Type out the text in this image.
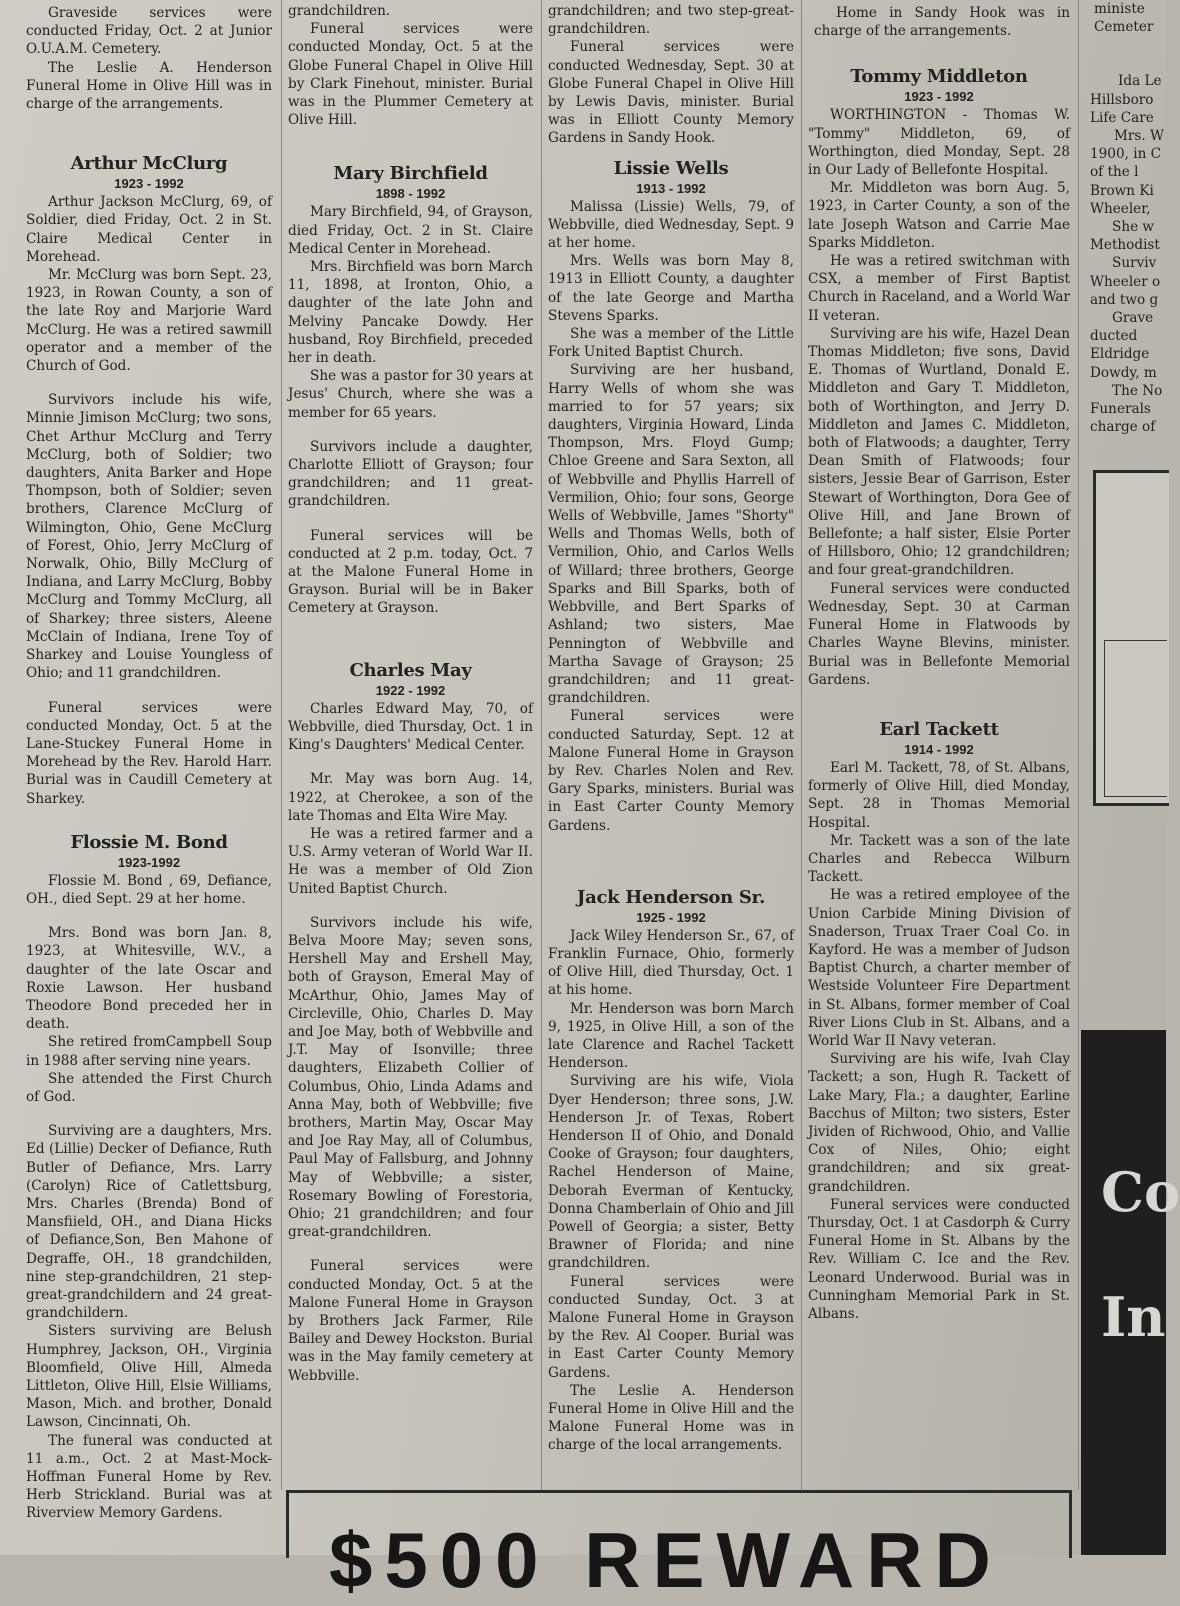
Graveside services were conducted Friday, Oct. 2 at Junior O.U.A.M. Cemetery.

The Leslie A. Henderson Funeral Home in Olive Hill was in charge of the arrangements.

Arthur McClurg
1923 - 1992

Arthur Jackson McClurg, 69, of Soldier, died Friday, Oct. 2 in St. Claire Medical Center in Morehead.

Mr. McClurg was born Sept. 23, 1923, in Rowan County, a son of the late Roy and Marjorie Ward McClurg. He was a retired sawmill operator and a member of the Church of God.

Survivors include his wife, Minnie Jimison McClurg; two sons, Chet Arthur McClurg and Terry McClurg, both of Soldier; two daughters, Anita Barker and Hope Thompson, both of Soldier; seven brothers, Clarence McClurg of Wilmington, Ohio, Gene McClurg of Forest, Ohio, Jerry McClurg of Norwalk, Ohio, Billy McClurg of Indiana, and Larry McClurg, Bobby McClurg and Tommy McClurg, all of Sharkey; three sisters, Aleene McClain of Indiana, Irene Toy of Sharkey and Louise Youngless of Ohio; and 11 grandchildren.

Funeral services were conducted Monday, Oct. 5 at the Lane-Stuckey Funeral Home in Morehead by the Rev. Harold Harr. Burial was in Caudill Cemetery at Sharkey.

Flossie M. Bond
1923-1992

Flossie M. Bond , 69, Defiance, OH., died Sept. 29 at her home.

Mrs. Bond was born Jan. 8, 1923, at Whitesville, W.V., a daughter of the late Oscar and Roxie Lawson. Her husband Theodore Bond preceded her in death.

She retired fromCampbell Soup in 1988 after serving nine years.

She attended the First Church of God.

Surviving are a daughters, Mrs. Ed (Lillie) Decker of Defiance, Ruth Butler of Defiance, Mrs. Larry (Carolyn) Rice of Catlettsburg, Mrs. Charles (Brenda) Bond of Mansfiield, OH., and Diana Hicks of Defiance,Son, Ben Mahone of Degraffe, OH., 18 grandchilden, nine step-grandchildren, 21 step-great-grandchildern and 24 great-grandchildern.

Sisters surviving are Belush Humphrey, Jackson, OH., Virginia Bloomfield, Olive Hill, Almeda Littleton, Olive Hill, Elsie Williams, Mason, Mich. and brother, Donald Lawson, Cincinnati, Oh.

The funeral was conducted at 11 a.m., Oct. 2 at Mast-Mock-Hoffman Funeral Home by Rev. Herb Strickland. Burial was at Riverview Memory Gardens.

grandchildren.

Funeral services were conducted Monday, Oct. 5 at the Globe Funeral Chapel in Olive Hill by Clark Finehout, minister. Burial was in the Plummer Cemetery at Olive Hill.

Mary Birchfield
1898 - 1992

Mary Birchfield, 94, of Grayson, died Friday, Oct. 2 in St. Claire Medical Center in Morehead.

Mrs. Birchfield was born March 11, 1898, at Ironton, Ohio, a daughter of the late John and Melviny Pancake Dowdy. Her husband, Roy Birchfield, preceded her in death.

She was a pastor for 30 years at Jesus' Church, where she was a member for 65 years.

Survivors include a daughter, Charlotte Elliott of Grayson; four grandchildren; and 11 great-grandchildren.

Funeral services will be conducted at 2 p.m. today, Oct. 7 at the Malone Funeral Home in Grayson. Burial will be in Baker Cemetery at Grayson.

Charles May
1922 - 1992

Charles Edward May, 70, of Webbville, died Thursday, Oct. 1 in King's Daughters' Medical Center.

Mr. May was born Aug. 14, 1922, at Cherokee, a son of the late Thomas and Elta Wire May.

He was a retired farmer and a U.S. Army veteran of World War II. He was a member of Old Zion United Baptist Church.

Survivors include his wife, Belva Moore May; seven sons, Hershell May and Ershell May, both of Grayson, Emeral May of McArthur, Ohio, James May of Circleville, Ohio, Charles D. May and Joe May, both of Webbville and J.T. May of Isonville; three daughters, Elizabeth Collier of Columbus, Ohio, Linda Adams and Anna May, both of Webbville; five brothers, Martin May, Oscar May and Joe Ray May, all of Columbus, Paul May of Fallsburg, and Johnny May of Webbville; a sister, Rosemary Bowling of Forestoria, Ohio; 21 grandchildren; and four great-grandchildren.

Funeral services were conducted Monday, Oct. 5 at the Malone Funeral Home in Grayson by Brothers Jack Farmer, Rile Bailey and Dewey Hockston. Burial was in the May family cemetery at Webbville.

grandchildren; and two step-great-grandchildren.

Funeral services were conducted Wednesday, Sept. 30 at Globe Funeral Chapel in Olive Hill by Lewis Davis, minister. Burial was in Elliott County Memory Gardens in Sandy Hook.

Lissie Wells
1913 - 1992

Malissa (Lissie) Wells, 79, of Webbville, died Wednesday, Sept. 9 at her home.

Mrs. Wells was born May 8, 1913 in Elliott County, a daughter of the late George and Martha Stevens Sparks.

She was a member of the Little Fork United Baptist Church.

Surviving are her husband, Harry Wells of whom she was married to for 57 years; six daughters, Virginia Howard, Linda Thompson, Mrs. Floyd Gump; Chloe Greene and Sara Sexton, all of Webbville and Phyllis Harrell of Vermilion, Ohio; four sons, George Wells of Webbville, James "Shorty" Wells and Thomas Wells, both of Vermilion, Ohio, and Carlos Wells of Willard; three brothers, George Sparks and Bill Sparks, both of Webbville, and Bert Sparks of Ashland; two sisters, Mae Pennington of Webbville and Martha Savage of Grayson; 25 grandchildren; and 11 great-grandchildren.

Funeral services were conducted Saturday, Sept. 12 at Malone Funeral Home in Grayson by Rev. Charles Nolen and Rev. Gary Sparks, ministers. Burial was in East Carter County Memory Gardens.

Jack Henderson Sr.
1925 - 1992

Jack Wiley Henderson Sr., 67, of Franklin Furnace, Ohio, formerly of Olive Hill, died Thursday, Oct. 1 at his home.

Mr. Henderson was born March 9, 1925, in Olive Hill, a son of the late Clarence and Rachel Tackett Henderson.

Surviving are his wife, Viola Dyer Henderson; three sons, J.W. Henderson Jr. of Texas, Robert Henderson II of Ohio, and Donald Cooke of Grayson; four daughters, Rachel Henderson of Maine, Deborah Everman of Kentucky, Donna Chamberlain of Ohio and Jill Powell of Georgia; a sister, Betty Brawner of Florida; and nine grandchildren.

Funeral services were conducted Sunday, Oct. 3 at Malone Funeral Home in Grayson by the Rev. Al Cooper. Burial was in East Carter County Memory Gardens.

The Leslie A. Henderson Funeral Home in Olive Hill and the Malone Funeral Home was in charge of the local arrangements.

Home in Sandy Hook was in charge of the arrangements.

Tommy Middleton
1923 - 1992

WORTHINGTON - Thomas W. "Tommy" Middleton, 69, of Worthington, died Monday, Sept. 28 in Our Lady of Bellefonte Hospital.

Mr. Middleton was born Aug. 5, 1923, in Carter County, a son of the late Joseph Watson and Carrie Mae Sparks Middleton.

He was a retired switchman with CSX, a member of First Baptist Church in Raceland, and a World War II veteran.

Surviving are his wife, Hazel Dean Thomas Middleton; five sons, David E. Thomas of Wurtland, Donald E. Middleton and Gary T. Middleton, both of Worthington, and Jerry D. Middleton and James C. Middleton, both of Flatwoods; a daughter, Terry Dean Smith of Flatwoods; four sisters, Jessie Bear of Garrison, Ester Stewart of Worthington, Dora Gee of Olive Hill, and Jane Brown of Bellefonte; a half sister, Elsie Porter of Hillsboro, Ohio; 12 grandchildren; and four great-grandchildren.

Funeral services were conducted Wednesday, Sept. 30 at Carman Funeral Home in Flatwoods by Charles Wayne Blevins, minister. Burial was in Bellefonte Memorial Gardens.

Earl Tackett
1914 - 1992

Earl M. Tackett, 78, of St. Albans, formerly of Olive Hill, died Monday, Sept. 28 in Thomas Memorial Hospital.

Mr. Tackett was a son of the late Charles and Rebecca Wilburn Tackett.

He was a retired employee of the Union Carbide Mining Division of Snaderson, Truax Traer Coal Co. in Kayford. He was a member of Judson Baptist Church, a charter member of Westside Volunteer Fire Department in St. Albans, former member of Coal River Lions Club in St. Albans, and a World War II Navy veteran.

Surviving are his wife, Ivah Clay Tackett; a son, Hugh R. Tackett of Lake Mary, Fla.; a daughter, Earline Bacchus of Milton; two sisters, Ester Jividen of Richwood, Ohio, and Vallie Cox of Niles, Ohio; eight grandchildren; and six great-grandchildren.

Funeral services were conducted Thursday, Oct. 1 at Casdorph & Curry Funeral Home in St. Albans by the Rev. William C. Ice and the Rev. Leonard Underwood. Burial was in Cunningham Memorial Park in St. Albans.

ministe
Cemeter
Ida Le
Hillsboro
Life Care
Mrs. W
1900, in C
of the l
Brown Ki
Wheeler,
She w
Methodist
Surviv
Wheeler o
and two g
Grave
ducted
Eldridge
Dowdy, m
The No
Funerals
charge of
Co
In
$500 REWARD
